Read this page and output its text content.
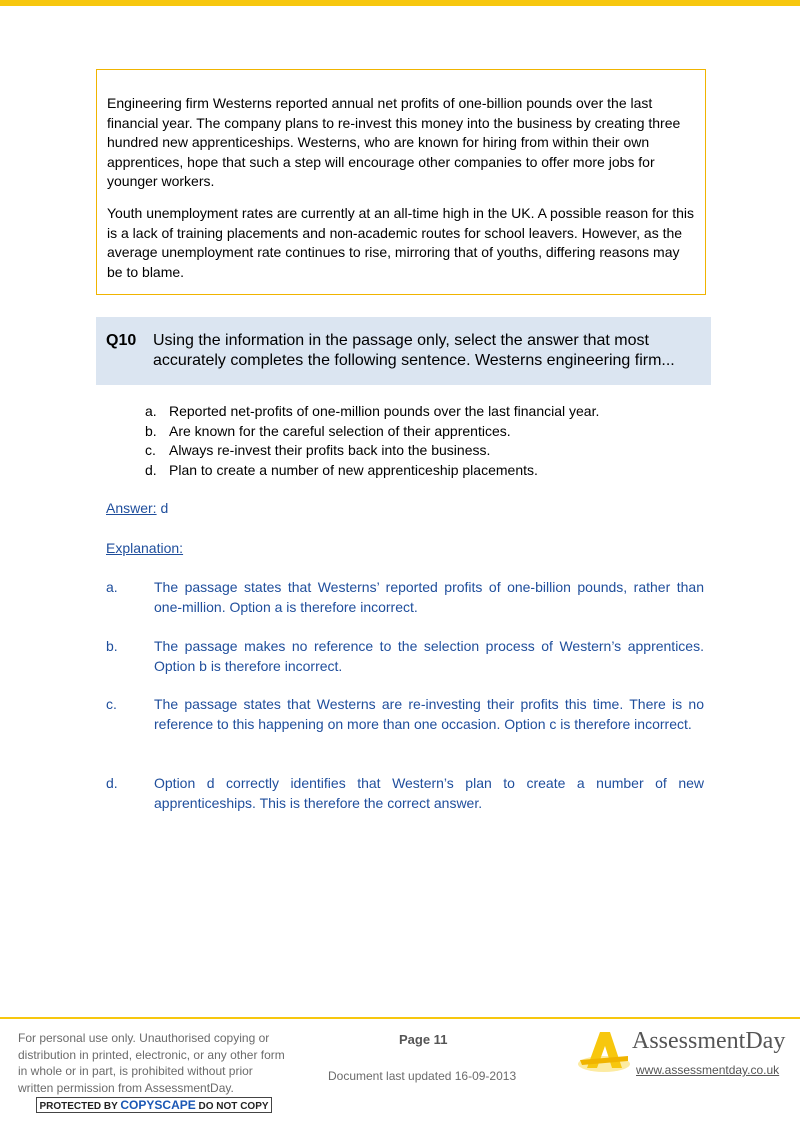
Engineering firm Westerns reported annual net profits of one-billion pounds over the last financial year. The company plans to re-invest this money into the business by creating three hundred new apprenticeships. Westerns, who are known for hiring from within their own apprentices, hope that such a step will encourage other companies to offer more jobs for younger workers.

Youth unemployment rates are currently at an all-time high in the UK. A possible reason for this is a lack of training placements and non-academic routes for school leavers. However, as the average unemployment rate continues to rise, mirroring that of youths, differing reasons may be to blame.

Q10 Using the information in the passage only, select the answer that most accurately completes the following sentence. Westerns engineering firm...
a. Reported net-profits of one-million pounds over the last financial year.
b. Are known for the careful selection of their apprentices.
c. Always re-invest their profits back into the business.
d. Plan to create a number of new apprenticeship placements.
Answer: d
Explanation:
a.	The passage states that Westerns’ reported profits of one-billion pounds, rather than one-million. Option a is therefore incorrect.
b.	The passage makes no reference to the selection process of Western’s apprentices. Option b is therefore incorrect.
c.	The passage states that Westerns are re-investing their profits this time. There is no reference to this happening on more than one occasion. Option c is therefore incorrect.
d.	Option d correctly identifies that Western’s plan to create a number of new apprenticeships. This is therefore the correct answer.
For personal use only. Unauthorised copying or distribution in printed, electronic, or any other form in whole or in part, is prohibited without prior written permission from AssessmentDay.
PROTECTED BY COPYSCAPE DO NOT COPY
Page 11
Document last updated 16-09-2013
AssessmentDay
www.assessmentday.co.uk
